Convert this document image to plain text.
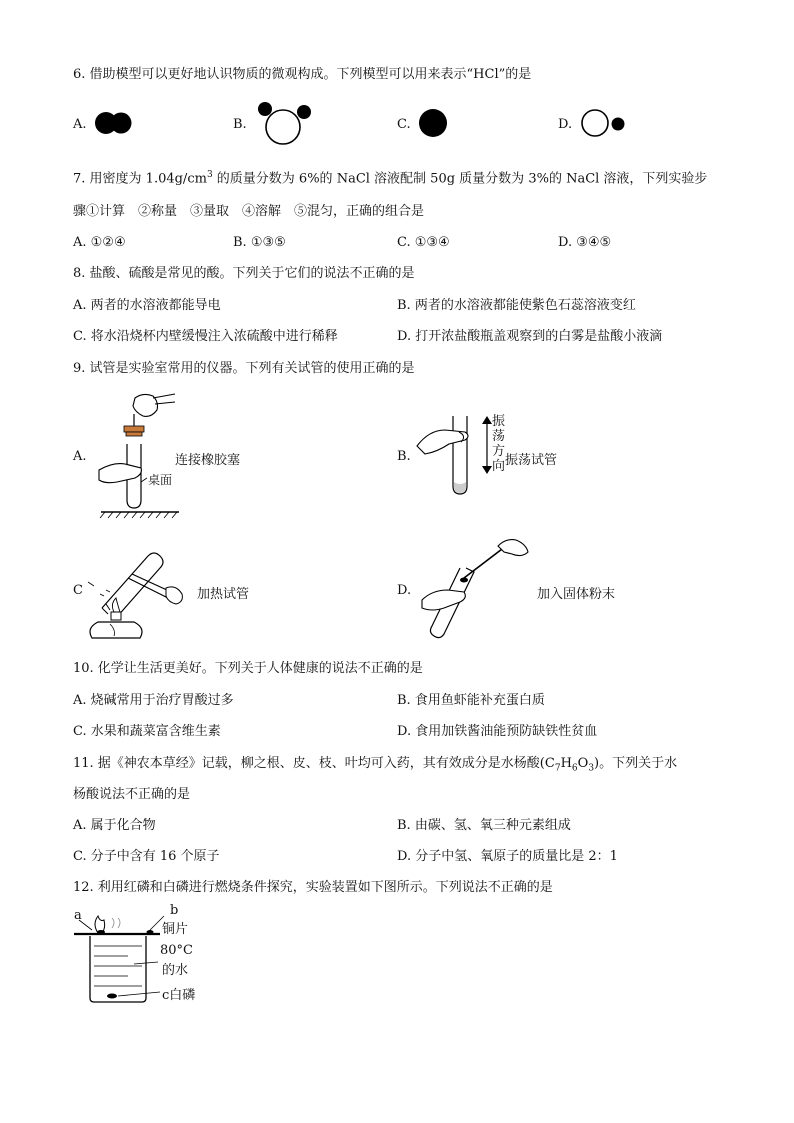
6. 借助模型可以更好地认识物质的微观构成。下列模型可以用来表示“HCl”的是
A.	B.	C.	D.
7. 用密度为 $1.04g/cm^3$ 的质量分数为 6%的 NaCl 溶液配制 50g 质量分数为 3%的 NaCl 溶液，下列实验步
骤①计算　②称量　③量取　④溶解　⑤混匀，正确的组合是
A. ①②④	B. ①③⑤	C. ①③④	D. ③④⑤
8. 盐酸、硫酸是常见的酸。下列关于它们的说法不正确的是
A. 两者的水溶液都能导电	B. 两者的水溶液都能使紫色石蕊溶液变红
C. 将水沿烧杯内壁缓慢注入浓硫酸中进行稀释	D. 打开浓盐酸瓶盖观察到的白雾是盐酸小液滴
9. 试管是实验室常用的仪器。下列有关试管的使用正确的是
A.
桌面
连接橡胶塞	B.
振
荡
方
向 振荡试管
C	加热试管	D.	加入固体粉末
10. 化学让生活更美好。下列关于人体健康的说法不正确的是
A. 烧碱常用于治疗胃酸过多	B. 食用鱼虾能补充蛋白质
C. 水果和蔬菜富含维生素	D. 食用加铁酱油能预防缺铁性贫血
11. 据《神农本草经》记载，柳之根、皮、枝、叶均可入药，其有效成分是水杨酸$(C_7H_6O_3)$。下列关于水
杨酸说法不正确的是
A. 属于化合物	B. 由碳、氢、氧三种元素组成
C. 分子中含有 16 个原子	D. 分子中氢、氧原子的质量比是 2：1
12. 利用红磷和白磷进行燃烧条件探究，实验装置如下图所示。下列说法不正确的是
a	b
铜片
80°C
的水
c白磷
